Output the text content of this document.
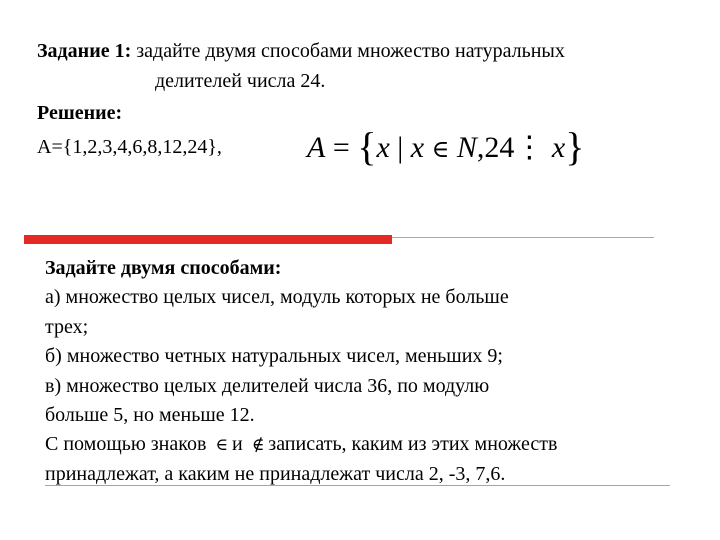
Задание 1: задайте двумя способами множество натуральных
делителей числа 24.
Решение:
A={1,2,3,4,6,8,12,24},	A = {x | x ∈ N,24⋮ x}
Задайте двумя способами:
а) множество целых чисел, модуль которых не больше
трех;
б) множество четных натуральных чисел, меньших 9;
в) множество целых делителей числа 36, по модулю
больше 5, но меньше 12.
С помощью знаков ∈ и ∉ записать, каким из этих множеств
принадлежат, а каким не принадлежат числа 2, -3, 7,6.
